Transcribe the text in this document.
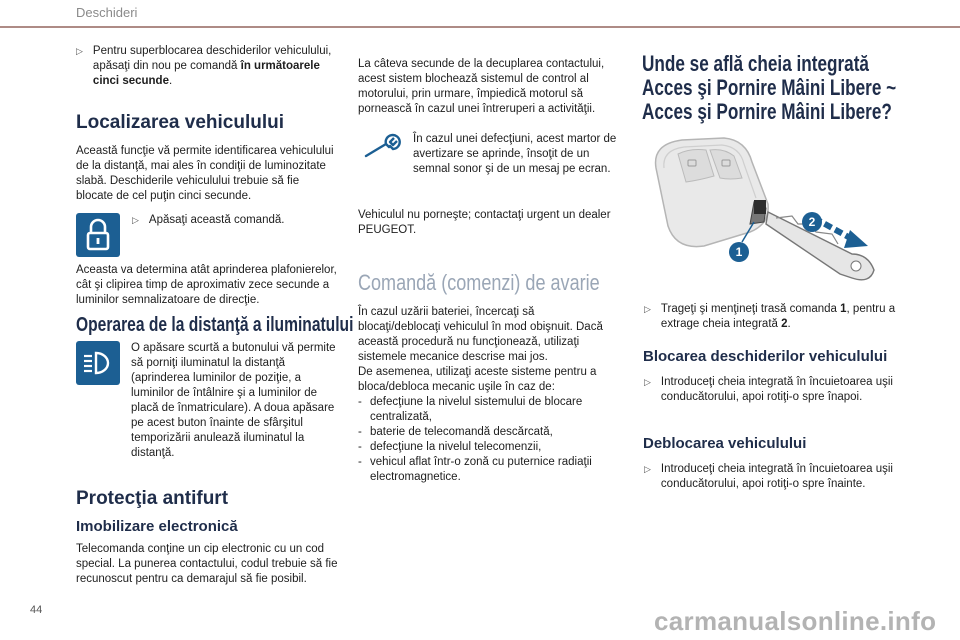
Deschideri
▷ Pentru superblocarea deschiderilor vehiculului, apăsaţi din nou pe comandă în următoarele cinci secunde.
Localizarea vehiculului
Această funcţie vă permite identificarea vehiculului de la distanţă, mai ales în condiţii de luminozitate slabă. Deschiderile vehiculului trebuie să fie blocate de cel puţin cinci secunde.
▷ Apăsaţi această comandă.
Aceasta va determina atât aprinderea plafonierelor, cât şi clipirea timp de aproximativ zece secunde a luminilor semnalizatoare de direcţie.
Operarea de la distanţă a iluminatului
O apăsare scurtă a butonului vă permite să porniţi iluminatul la distanţă (aprinderea luminilor de poziţie, a luminilor de întâlnire şi a luminilor de placă de înmatriculare). A doua apăsare pe acest buton înainte de sfârşitul temporizării anulează iluminatul la distanţă.
Protecţia antifurt
Imobilizare electronică
Telecomanda conţine un cip electronic cu un cod special. La punerea contactului, codul trebuie să fie recunoscut pentru ca demarajul să fie posibil.
La câteva secunde de la decuplarea contactului, acest sistem blochează sistemul de control al motorului, prin urmare, împiedică motorul să pornească în cazul unei întreruperi a activităţii.
În cazul unei defecţiuni, acest martor de avertizare se aprinde, însoţit de un semnal sonor şi de un mesaj pe ecran.
Vehiculul nu porneşte; contactaţi urgent un dealer PEUGEOT.
Comandă (comenzi) de avarie
În cazul uzării bateriei, încercaţi să blocaţi/deblocaţi vehiculul în mod obişnuit. Dacă această procedură nu funcţionează, utilizaţi sistemele mecanice descrise mai jos.
De asemenea, utilizaţi aceste sisteme pentru a bloca/debloca mecanic uşile în caz de:
- defecţiune la nivelul sistemului de blocare centralizată,
- baterie de telecomandă descărcată,
- defecţiune la nivelul telecomenzii,
- vehicul aflat într-o zonă cu puternice radiaţii electromagnetice.
Unde se află cheia integrată
Acces şi Pornire Mâini Libere ~
Acces şi Pornire Mâini Libere?
1
2
▷ Trageţi şi menţineţi trasă comanda 1, pentru a extrage cheia integrată 2.
Blocarea deschiderilor vehiculului
▷ Introduceţi cheia integrată în încuietoarea uşii conducătorului, apoi rotiţi-o spre înapoi.
Deblocarea vehiculului
▷ Introduceţi cheia integrată în încuietoarea uşii conducătorului, apoi rotiţi-o spre înainte.
44	carmanualsonline.info
